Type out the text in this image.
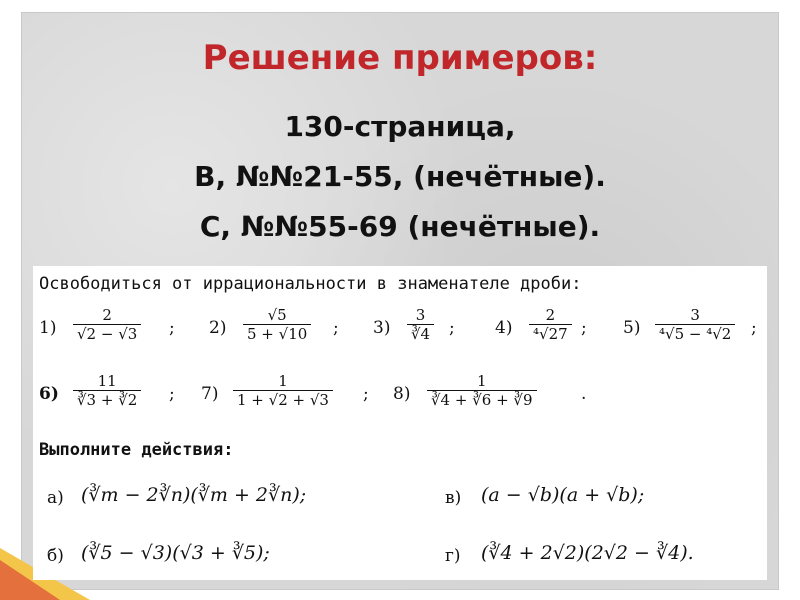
Решение примеров:
130-страница,
В, №№21-55, (нечётные).
С, №№55-69 (нечётные).
Освободиться от иррациональности в знаменателе дроби:
$1) \frac{2}{√2 - √3}$ ; $2) \frac{√5}{5 + √10}$ ; $3) \frac{3}{∛4}$ ; $4) \frac{2}{\text{⁴√27}}$ ; $5) \frac{3}{\text{⁴√5 − ⁴√2}}$ ;
$6) \frac{11}{∛3 + ∛2}$ ; $7) \frac{1}{1 + √2 + √3}$ ; $8) \frac{1}{∛4 + ∛6 + ∛9}$	.
Выполните действия:
а) (∛m − 2∛n)(∛m + 2∛n);	в) (a − √b)(a + √b);
б) (∛5 − √3)(√3 + ∛5);	г) (∛4 + 2√2)(2√2 − ∛4).
